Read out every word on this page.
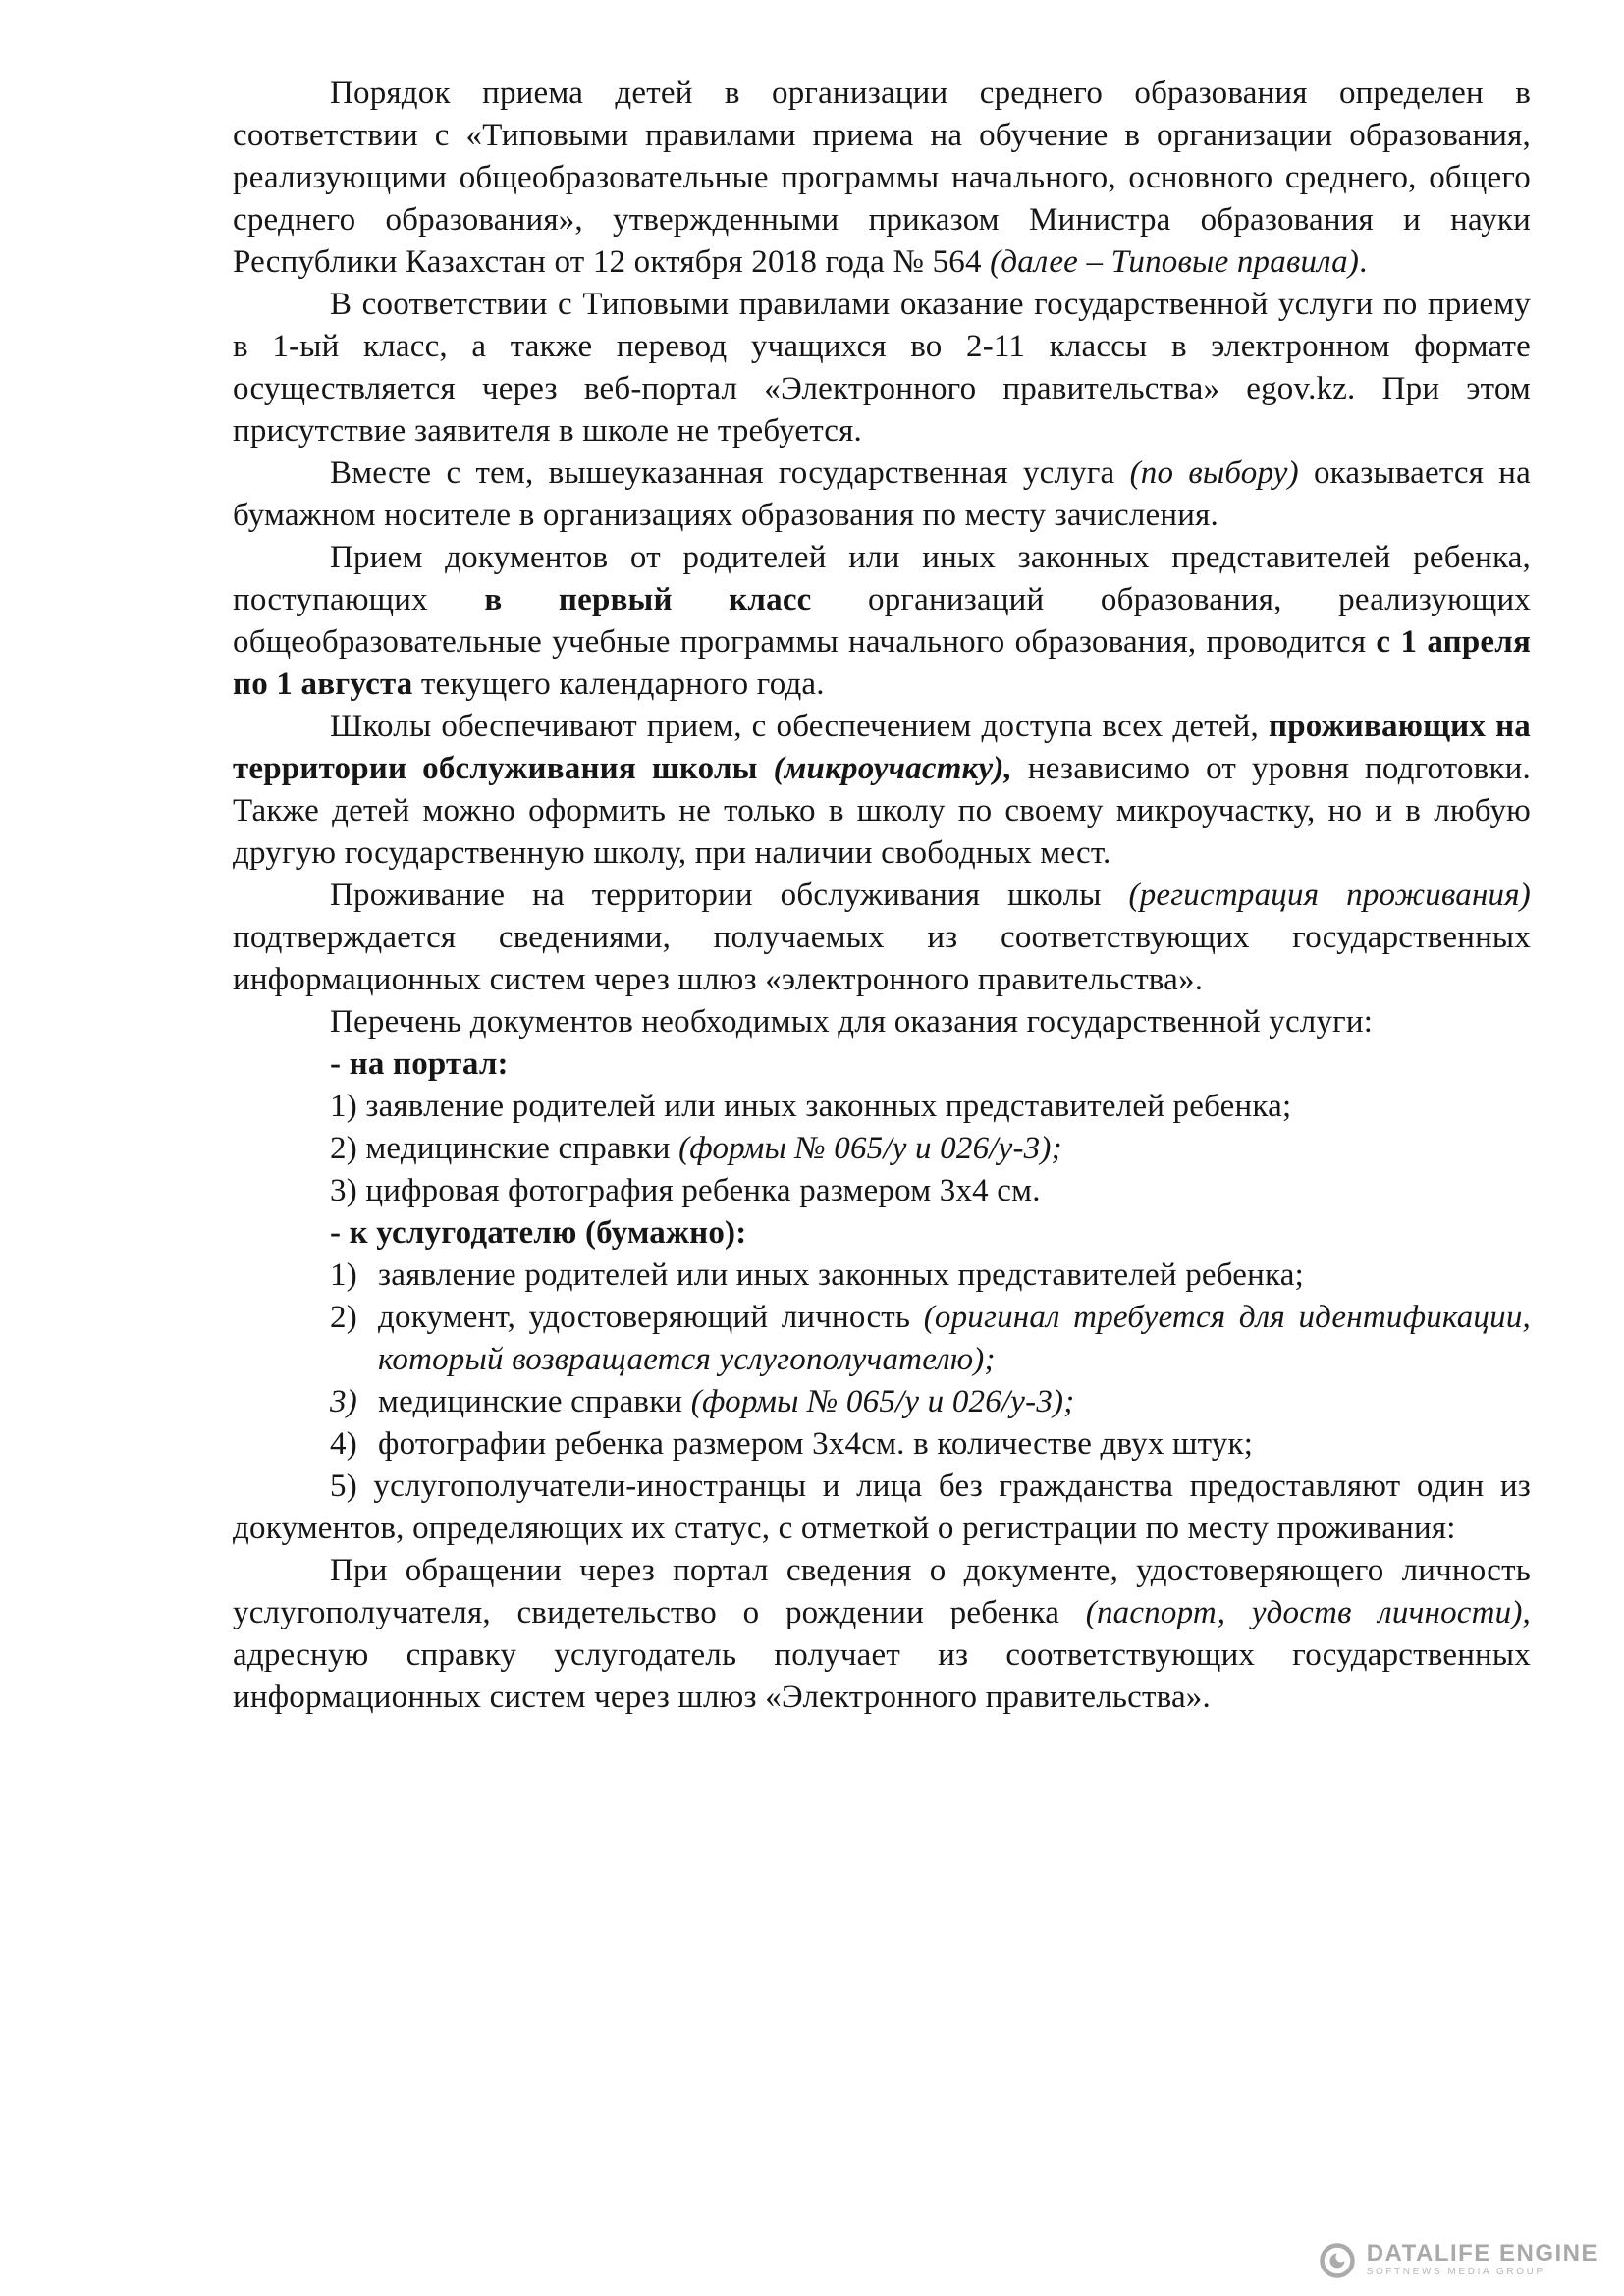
Порядок приема детей в организации среднего образования определен в соответствии с «Типовыми правилами приема на обучение в организации образования, реализующими общеобразовательные программы начального, основного среднего, общего среднего образования», утвержденными приказом Министра образования и науки Республики Казахстан от 12 октября 2018 года № 564 (далее – Типовые правила).
В соответствии с Типовыми правилами оказание государственной услуги по приему в 1-ый класс, а также перевод учащихся во 2-11 классы в электронном формате осуществляется через веб-портал «Электронного правительства» egov.kz. При этом присутствие заявителя в школе не требуется.
Вместе с тем, вышеуказанная государственная услуга (по выбору) оказывается на бумажном носителе в организациях образования по месту зачисления.
Прием документов от родителей или иных законных представителей ребенка, поступающих в первый класс организаций образования, реализующих общеобразовательные учебные программы начального образования, проводится с 1 апреля по 1 августа текущего календарного года.
Школы обеспечивают прием, с обеспечением доступа всех детей, проживающих на территории обслуживания школы (микроучастку), независимо от уровня подготовки. Также детей можно оформить не только в школу по своему микроучастку, но и в любую другую государственную школу, при наличии свободных мест.
Проживание на территории обслуживания школы (регистрация проживания) подтверждается сведениями, получаемых из соответствующих государственных информационных систем через шлюз «электронного правительства».
Перечень документов необходимых для оказания государственной услуги:
- на портал:
1) заявление родителей или иных законных представителей ребенка;
2) медицинские справки (формы № 065/у и 026/у-3);
3) цифровая фотография ребенка размером 3х4 см.
- к услугодателю (бумажно):
1) заявление родителей или иных законных представителей ребенка;
2) документ, удостоверяющий личность (оригинал требуется для идентификации, который возвращается услугополучателю);
3) медицинские справки (формы № 065/у и 026/у-3);
4) фотографии ребенка размером 3х4см. в количестве двух штук;
5) услугополучатели-иностранцы и лица без гражданства предоставляют один из документов, определяющих их статус, с отметкой о регистрации по месту проживания:
При обращении через портал сведения о документе, удостоверяющего личность услугополучателя, свидетельство о рождении ребенка (паспорт, удоств личности), адресную справку услугодатель получает из соответствующих государственных информационных систем через шлюз «Электронного правительства».
DATALIFE ENGINE
SOFTNEWS MEDIA GROUP
